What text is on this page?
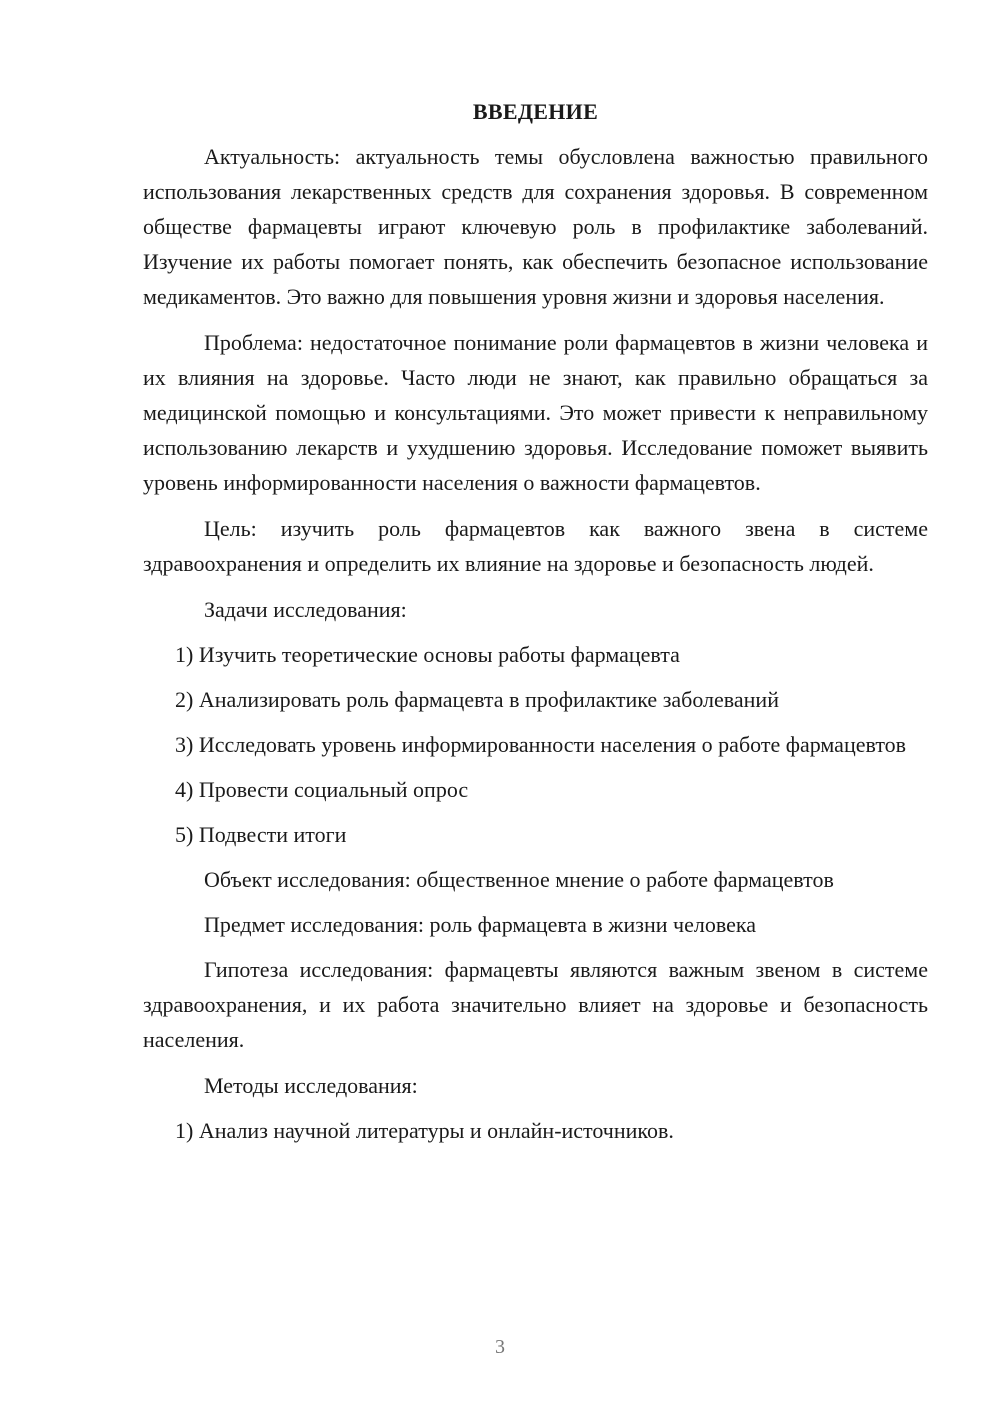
ВВЕДЕНИЕ

Актуальность: актуальность темы обусловлена важностью правильного использования лекарственных средств для сохранения здоровья. В современном обществе фармацевты играют ключевую роль в профилактике заболеваний. Изучение их работы помогает понять, как обеспечить безопасное использование медикаментов. Это важно для повышения уровня жизни и здоровья населения.

Проблема: недостаточное понимание роли фармацевтов в жизни человека и их влияния на здоровье. Часто люди не знают, как правильно обращаться за медицинской помощью и консультациями. Это может привести к неправильному использованию лекарств и ухудшению здоровья. Исследование поможет выявить уровень информированности населения о важности фармацевтов.

Цель: изучить роль фармацевтов как важного звена в системе здравоохранения и определить их влияние на здоровье и безопасность людей.

Задачи исследования:

1) Изучить теоретические основы работы фармацевта

2) Анализировать роль фармацевта в профилактике заболеваний

3) Исследовать уровень информированности населения о работе фармацевтов

4) Провести социальный опрос

5) Подвести итоги

Объект исследования: общественное мнение о работе фармацевтов

Предмет исследования: роль фармацевта в жизни человека

Гипотеза исследования: фармацевты являются важным звеном в системе здравоохранения, и их работа значительно влияет на здоровье и безопасность населения.

Методы исследования:

1) Анализ научной литературы и онлайн-источников.

3
